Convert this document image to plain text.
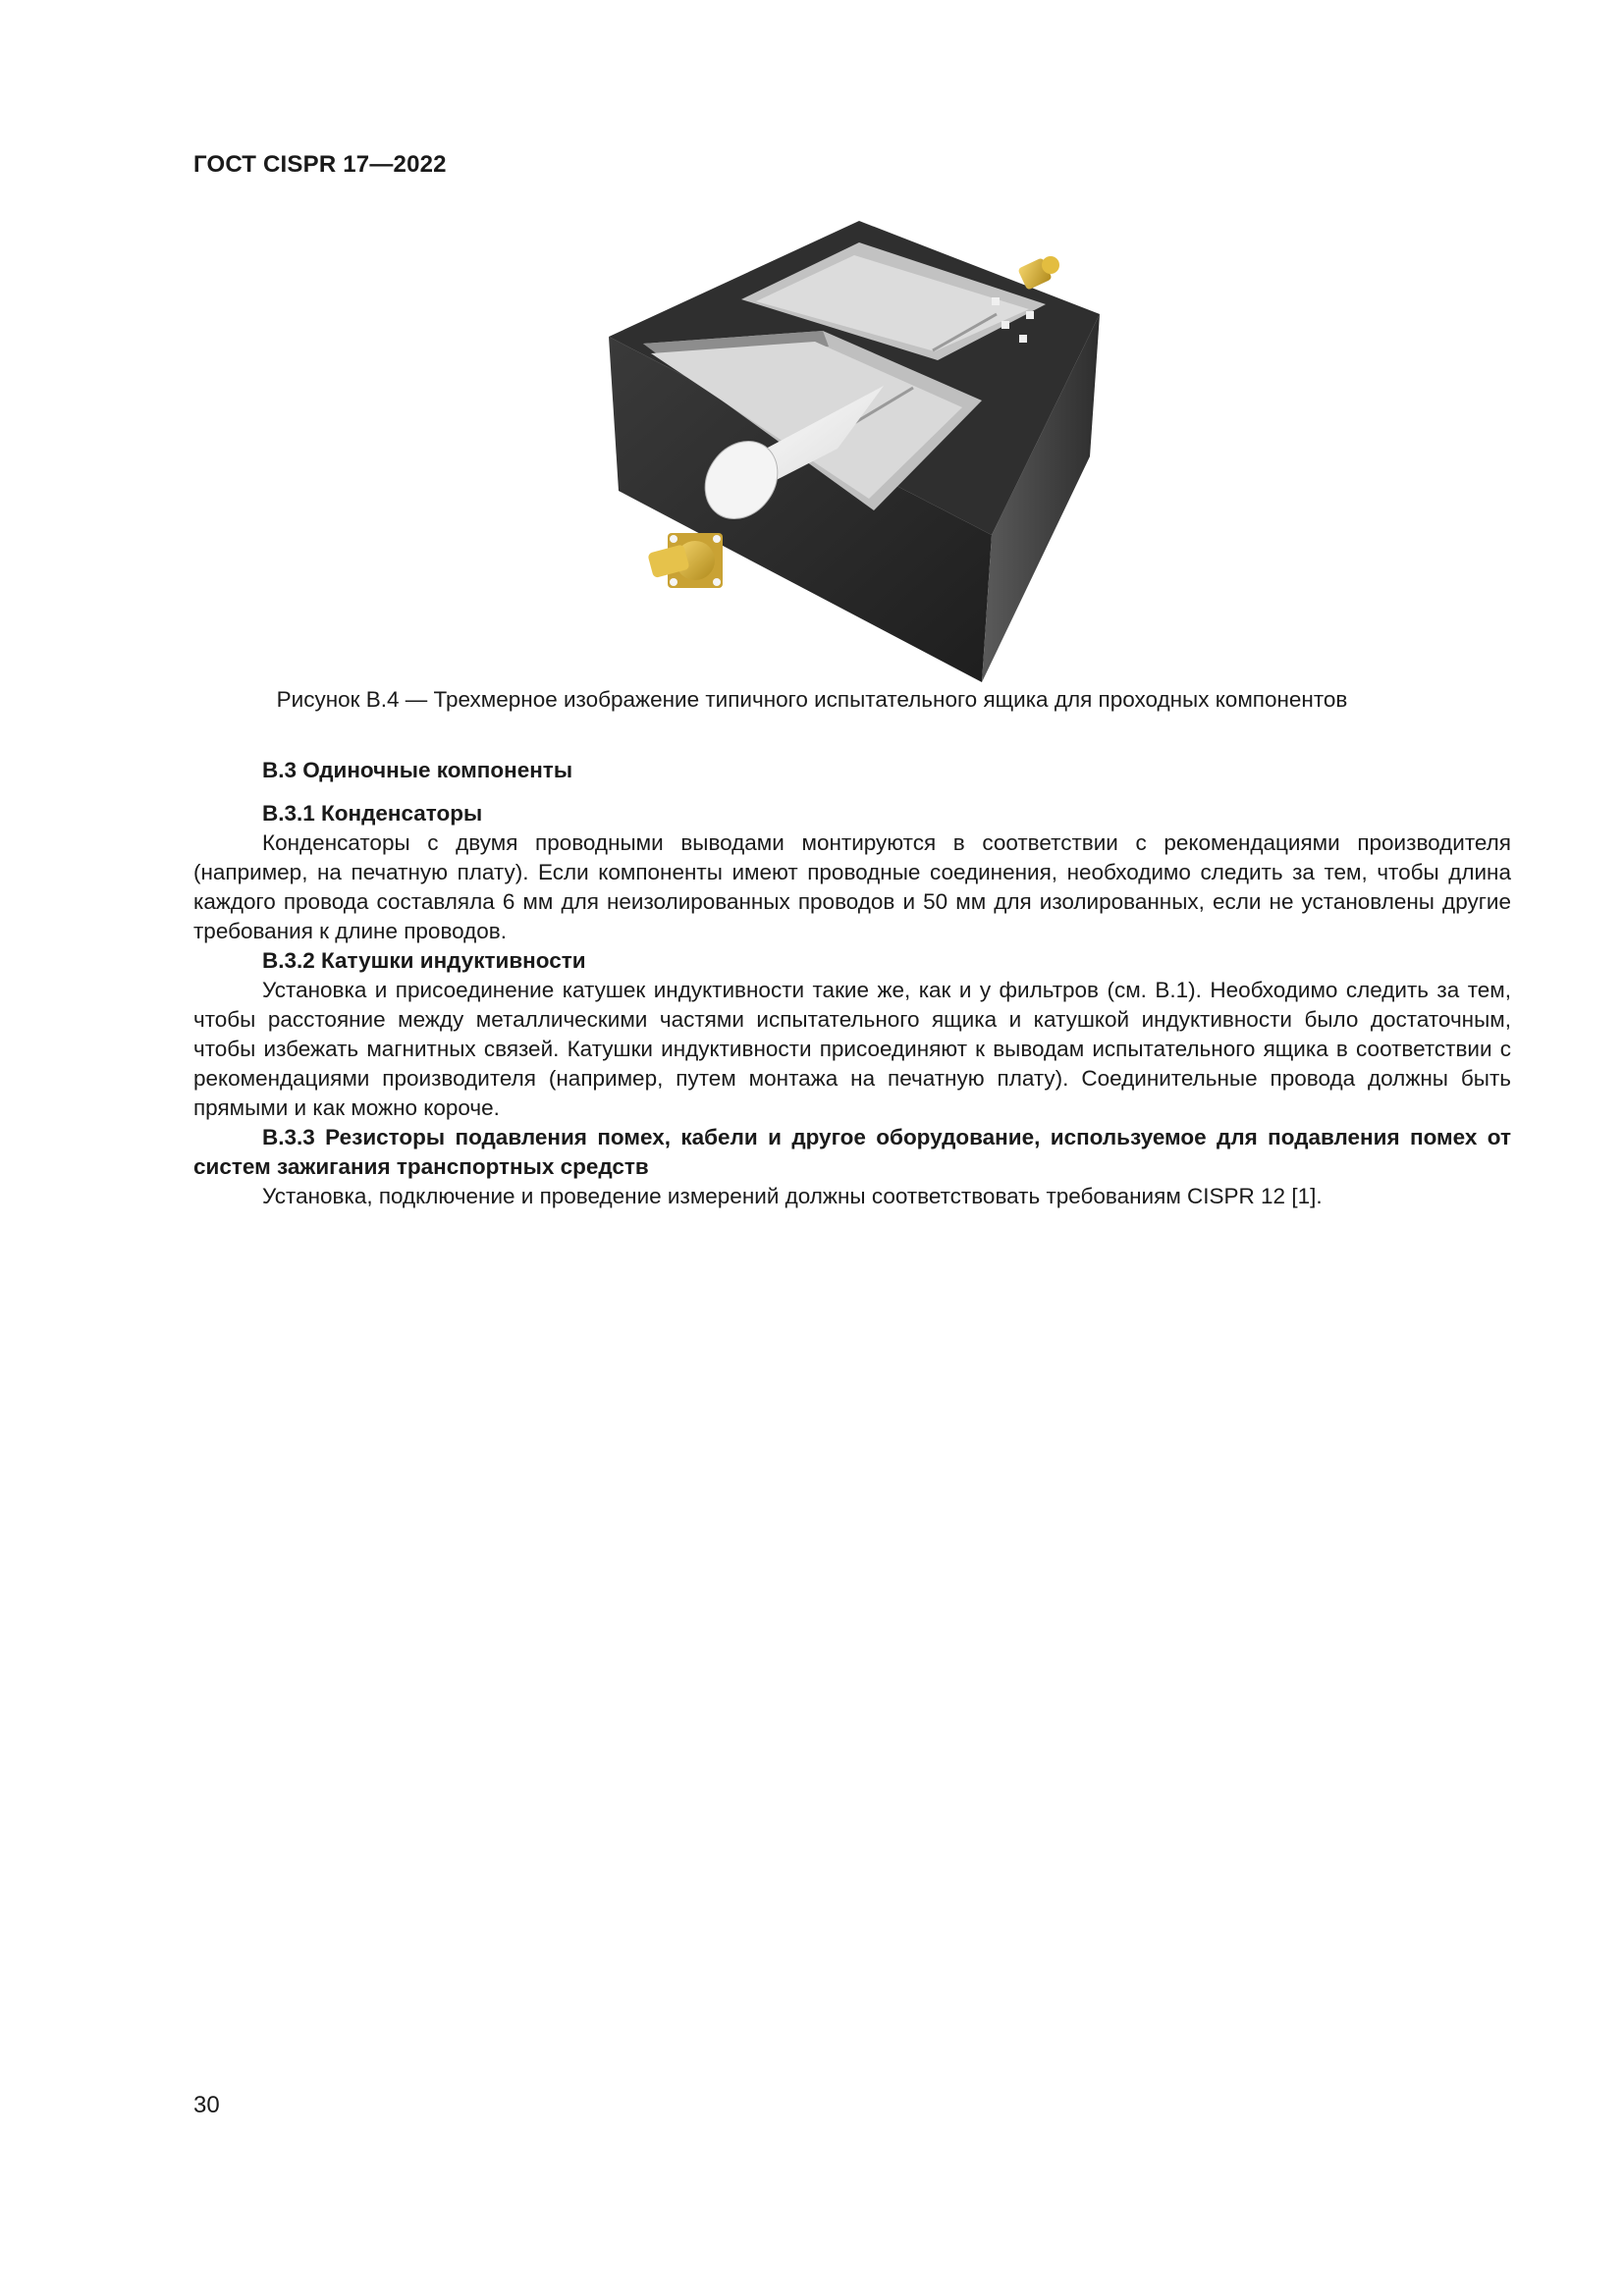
ГОСТ CISPR 17—2022
Рисунок В.4 — Трехмерное изображение типичного испытательного ящика для проходных компонентов

В.3 Одиночные компоненты

В.3.1 Конденсаторы

Конденсаторы с двумя проводными выводами монтируются в соответствии с рекомендациями производителя (например, на печатную плату). Если компоненты имеют проводные соединения, необходимо следить за тем, чтобы длина каждого провода составляла 6 мм для неизолированных проводов и 50 мм для изолированных, если не установлены другие требования к длине проводов.

В.3.2 Катушки индуктивности

Установка и присоединение катушек индуктивности такие же, как и у фильтров (см. В.1). Необходимо следить за тем, чтобы расстояние между металлическими частями испытательного ящика и катушкой индуктивности было достаточным, чтобы избежать магнитных связей. Катушки индуктивности присоединяют к выводам испытательного ящика в соответствии с рекомендациями производителя (например, путем монтажа на печатную плату). Соединительные провода должны быть прямыми и как можно короче.

В.3.3 Резисторы подавления помех, кабели и другое оборудование, используемое для подавления помех от систем зажигания транспортных средств

Установка, подключение и проведение измерений должны соответствовать требованиям CISPR 12 [1].

30
